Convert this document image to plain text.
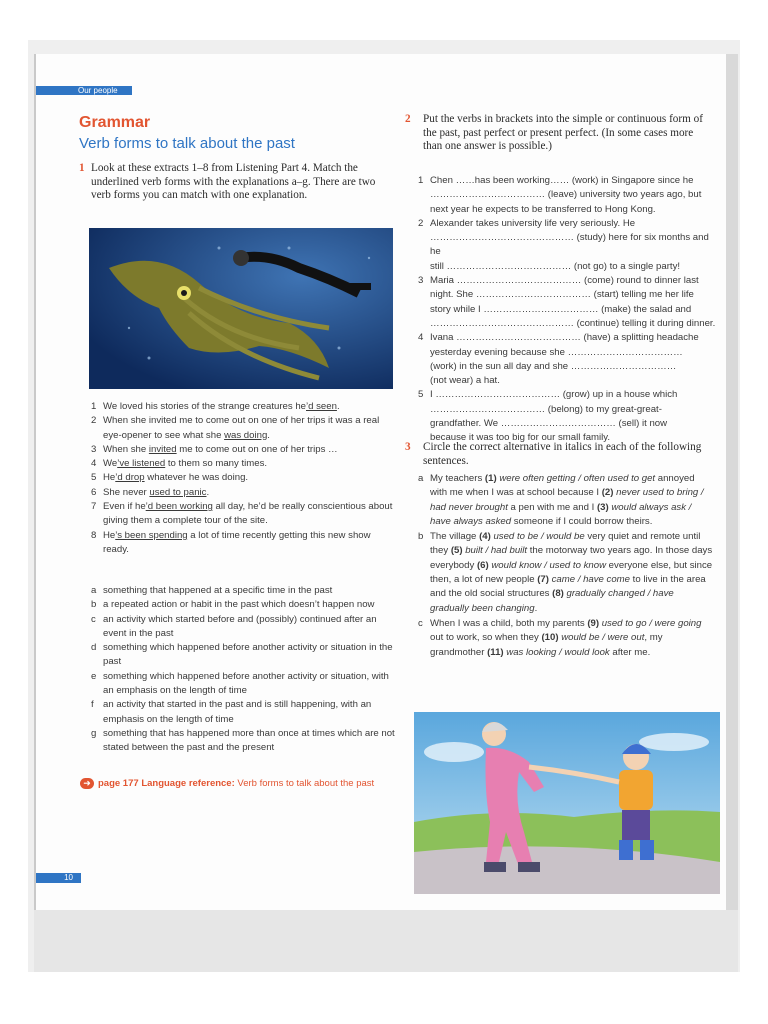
Our people
Grammar
Verb forms to talk about the past
1 Look at these extracts 1–8 from Listening Part 4. Match the underlined verb forms with the explanations a–g. There are two verb forms you can match with one explanation.
1 We loved his stories of the strange creatures he’d seen.
2 When she invited me to come out on one of her trips it was a real eye-opener to see what she was doing.
3 When she invited me to come out on one of her trips …
4 We’ve listened to them so many times.
5 He’d drop whatever he was doing.
6 She never used to panic.
7 Even if he’d been working all day, he’d be really conscientious about giving them a complete tour of the site.
8 He’s been spending a lot of time recently getting this new show ready.
a something that happened at a specific time in the past
b a repeated action or habit in the past which doesn’t happen now
c an activity which started before and (possibly) continued after an event in the past
d something which happened before another activity or situation in the past
e something which happened before another activity or situation, with an emphasis on the length of time
f an activity that started in the past and is still happening, with an emphasis on the length of time
g something that has happened more than once at times which are not stated between the past and the present
➜ page 177 Language reference: Verb forms to talk about the past
10
2	Put the verbs in brackets into the simple or continuous form of the past, past perfect or present perfect. (In some cases more than one answer is possible.)
1 Chen ……has been working…… (work) in Singapore since he
……………………………… (leave) university two years ago, but
next year he expects to be transferred to Hong Kong.
2 Alexander takes university life very seriously. He
……………………………………… (study) here for six months and he
still ………………………………… (not go) to a single party!
3 Maria ………………………………… (come) round to dinner last
night. She ……………………………… (start) telling me her life
story while I ……………………………… (make) the salad and
……………………………………… (continue) telling it during dinner.
4 Ivana ………………………………… (have) a splitting headache
yesterday evening because she ………………………………
(work) in the sun all day and she ……………………………
(not wear) a hat.
5 I ………………………………… (grow) up in a house which
……………………………… (belong) to my great-great-
grandfather. We ……………………………… (sell) it now
because it was too big for our small family.
3	Circle the correct alternative in italics in each of the following sentences.
a My teachers (1) were often getting / often used to get annoyed with me when I was at school because I (2) never used to bring / had never brought a pen with me and I (3) would always ask / have always asked someone if I could borrow theirs.
b The village (4) used to be / would be very quiet and remote until they (5) built / had built the motorway two years ago. In those days everybody (6) would know / used to know everyone else, but since then, a lot of new people (7) came / have come to live in the area and the old social structures (8) gradually changed / have gradually been changing.
c When I was a child, both my parents (9) used to go / were going out to work, so when they (10) would be / were out, my grandmother (11) was looking / would look after me.
